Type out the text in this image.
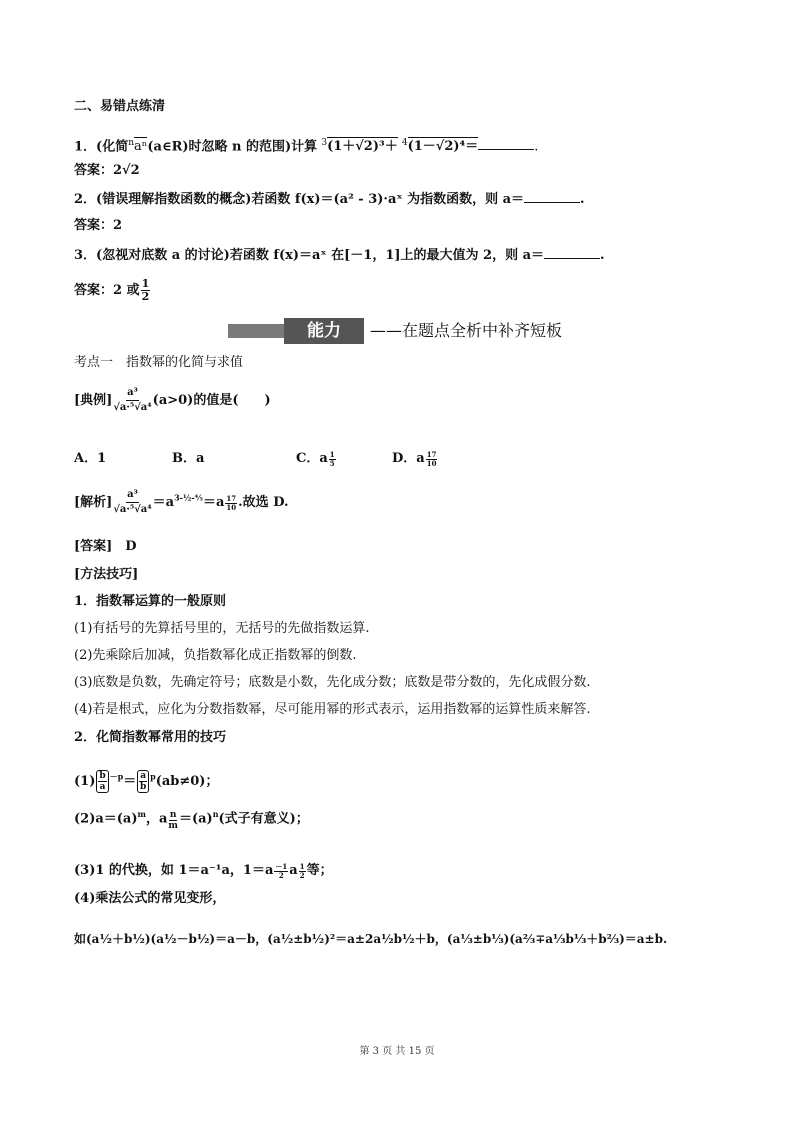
二、易错点练清
1．(化简$^n$aⁿ(a∈R)时忽略 n 的范围)计算 $^3$(1＋√2)³＋ $^4$(1－√2)⁴＝	.
答案：2√2
2．(错误理解指数函数的概念)若函数 f(x)＝(a² - 3)·aˣ 为指数函数，则 a＝	.
答案：2
3．(忽视对底数 a 的讨论)若函数 f(x)＝aˣ 在[－1，1]上的最大值为 2，则 a＝	.
答案：2 或 $\frac{1}{2}$
能力	——在题点全析中补齐短板
考点一　指数幂的化简与求值
[典例] $\frac{\text{a³}}{\text{√a·⁵√a⁴}} (a>0)$的值是(　　)
A．1	B．a	C．a $\frac{1}{5}$	D．a $\frac{17}{10}$
[解析] $\frac{\text{a³}}{\text{√a·⁵√a⁴}} =a^{3-\frac{1}{2}-\frac{4}{5}}=a \frac{17}{10}$ .故选 D.
[答案]　D
[方法技巧]
1．指数幂运算的一般原则
(1)有括号的先算括号里的，无括号的先做指数运算.
(2)先乘除后加减，负指数幂化成正指数幂的倒数.
(3)底数是负数，先确定符号；底数是小数，先化成分数；底数是带分数的，先化成假分数.
(4)若是根式，应化为分数指数幂，尽可能用幂的形式表示，运用指数幂的运算性质来解答.
2．化简指数幂常用的技巧
$(1) \frac{b}{a} ^{-p}= \frac{a}{b} ^p(ab\ne 0)$；
$(2)a=(a)^m$，a $\frac{n}{m} =(a)^n$(式子有意义)；
(3)1 的代换，如 1＝a⁻¹a，$1=a \frac{-1}{2}$ a $\frac{1}{2}$ 等；
(4)乘法公式的常见变形，
如(a½＋b½)(a½－b½)＝a－b，(a½±b½)²＝a±2a½b½＋b，(a⅓±b⅓)(a⅔∓a⅓b⅓＋b⅔)＝a±b.
第 3 页 共 15 页
